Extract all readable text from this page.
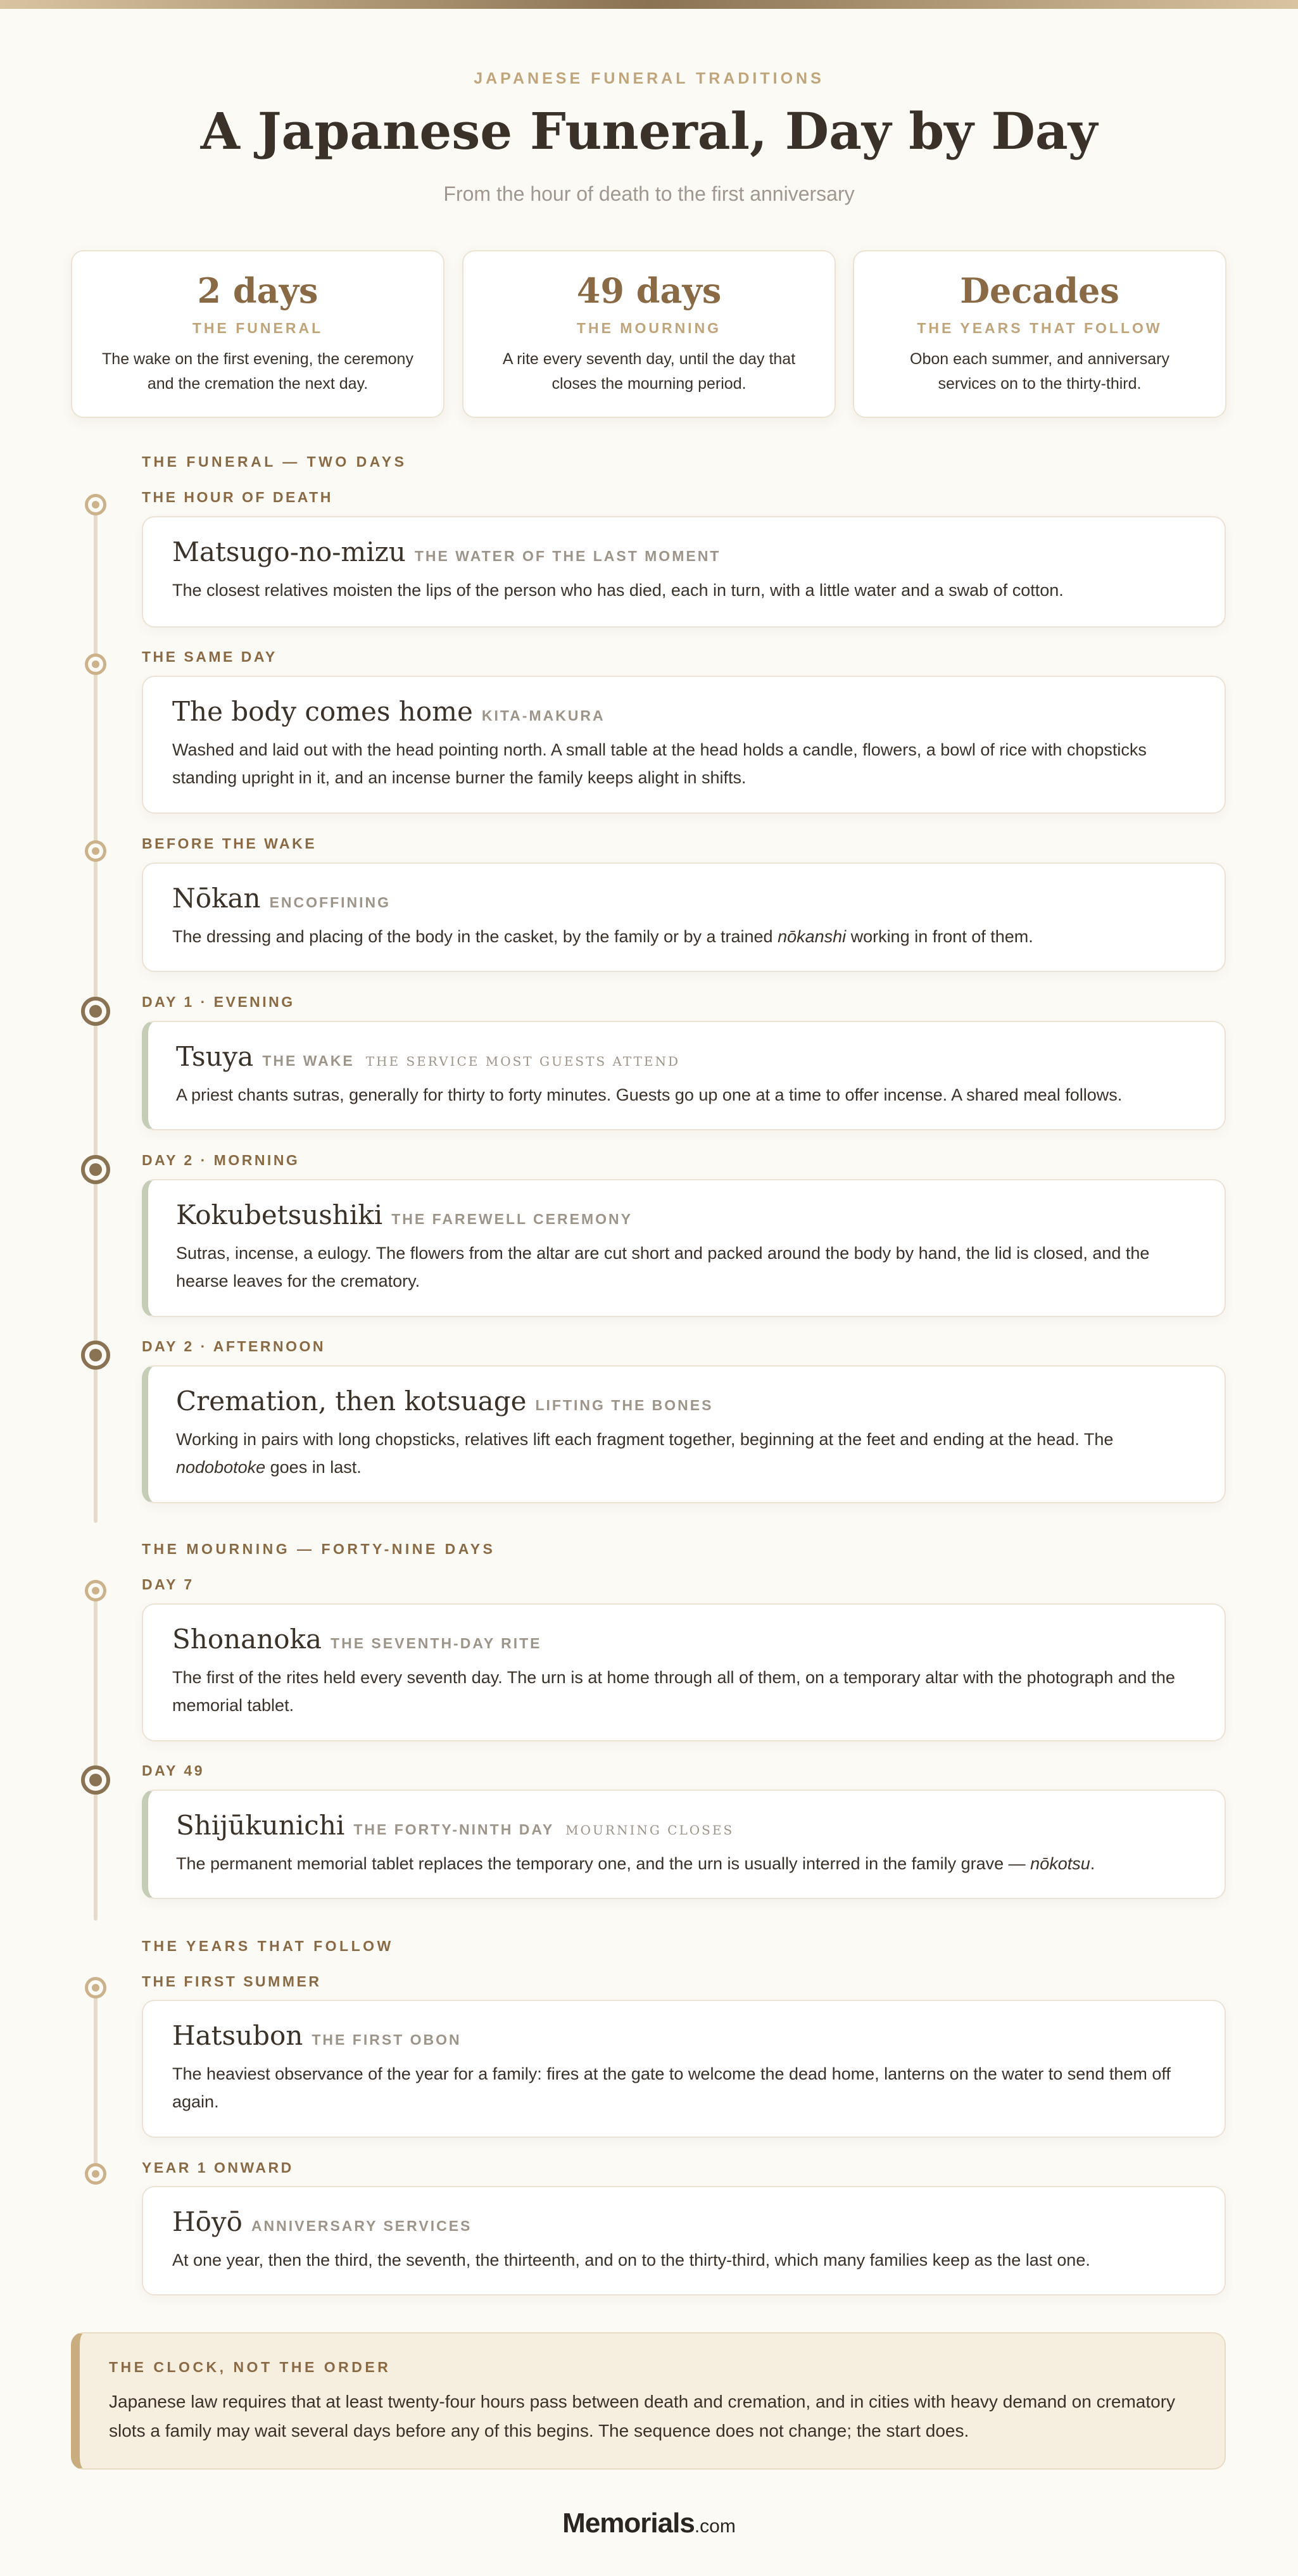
JAPANESE FUNERAL TRADITIONS
A Japanese Funeral, Day by Day
From the hour of death to the first anniversary
2 days
THE FUNERAL
The wake on the first evening, the ceremony and the cremation the next day.
49 days
THE MOURNING
A rite every seventh day, until the day that closes the mourning period.
Decades
THE YEARS THAT FOLLOW
Obon each summer, and anniversary services on to the thirty-third.
THE FUNERAL — TWO DAYS
THE HOUR OF DEATH
Matsugo-no-mizu THE WATER OF THE LAST MOMENT
The closest relatives moisten the lips of the person who has died, each in turn, with a little water and a swab of cotton.
THE SAME DAY
The body comes home KITA-MAKURA
Washed and laid out with the head pointing north. A small table at the head holds a candle, flowers, a bowl of rice with chopsticks standing upright in it, and an incense burner the family keeps alight in shifts.
BEFORE THE WAKE
Nōkan ENCOFFINING
The dressing and placing of the body in the casket, by the family or by a trained nōkanshi working in front of them.
DAY 1 · EVENING
Tsuya THE WAKE THE SERVICE MOST GUESTS ATTEND
A priest chants sutras, generally for thirty to forty minutes. Guests go up one at a time to offer incense. A shared meal follows.
DAY 2 · MORNING
Kokubetsushiki THE FAREWELL CEREMONY
Sutras, incense, a eulogy. The flowers from the altar are cut short and packed around the body by hand, the lid is closed, and the hearse leaves for the crematory.
DAY 2 · AFTERNOON
Cremation, then kotsuage LIFTING THE BONES
Working in pairs with long chopsticks, relatives lift each fragment together, beginning at the feet and ending at the head. The nodobotoke goes in last.
THE MOURNING — FORTY-NINE DAYS
DAY 7
Shonanoka THE SEVENTH-DAY RITE
The first of the rites held every seventh day. The urn is at home through all of them, on a temporary altar with the photograph and the memorial tablet.
DAY 49
Shijūkunichi THE FORTY-NINTH DAY MOURNING CLOSES
The permanent memorial tablet replaces the temporary one, and the urn is usually interred in the family grave — nōkotsu.
THE YEARS THAT FOLLOW
THE FIRST SUMMER
Hatsubon THE FIRST OBON
The heaviest observance of the year for a family: fires at the gate to welcome the dead home, lanterns on the water to send them off again.
YEAR 1 ONWARD
Hōyō ANNIVERSARY SERVICES
At one year, then the third, the seventh, the thirteenth, and on to the thirty-third, which many families keep as the last one.
THE CLOCK, NOT THE ORDER
Japanese law requires that at least twenty-four hours pass between death and cremation, and in cities with heavy demand on crematory slots a family may wait several days before any of this begins. The sequence does not change; the start does.
Memorials.com
